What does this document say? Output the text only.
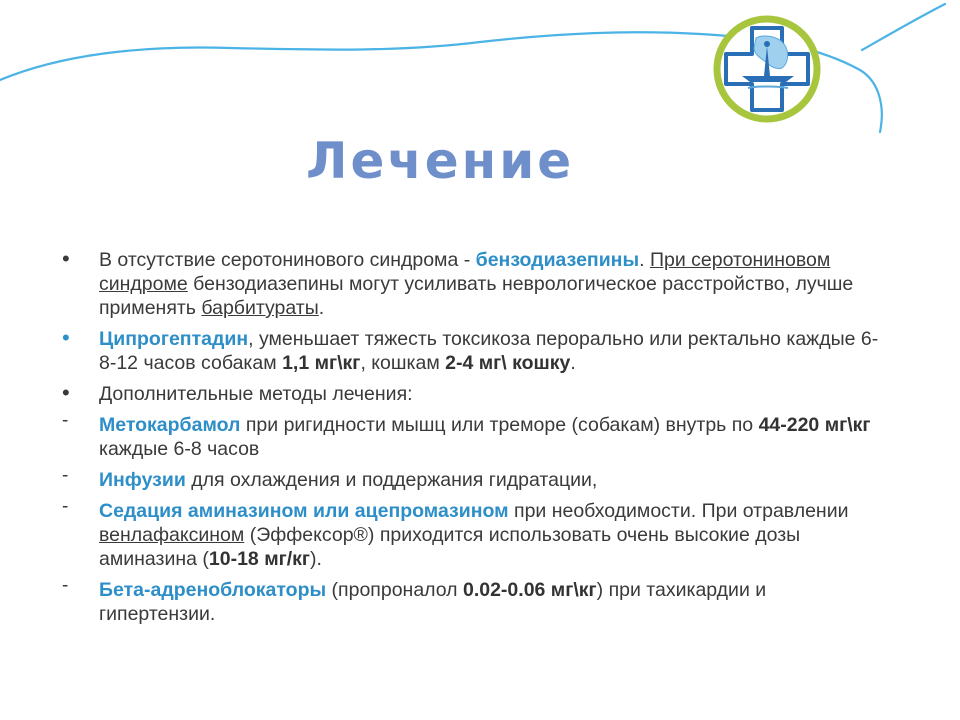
Лечение
•	В отсутствие серотонинового синдрома - бензодиазепины. При серотониновом синдроме бензодиазепины могут усиливать неврологическое расстройство, лучше применять барбитураты.
•	Ципрогептадин, уменьшает тяжесть токсикоза перорально или ректально каждые 6-8-12 часов собакам 1,1 мг\кг, кошкам 2-4 мг\ кошку.
•	Дополнительные методы лечения:
-	Метокарбамол при ригидности мышц или треморе (собакам) внутрь по 44-220 мг\кг каждые 6-8 часов
-	Инфузии для охлаждения и поддержания гидратации,
-	Седация аминазином или ацепромазином при необходимости. При отравлении венлафаксином (Эффексор®) приходится использовать очень высокие дозы аминазина (10-18 мг/кг).
-	Бета-адреноблокаторы (пропроналол 0.02-0.06 мг\кг) при тахикардии и гипертензии.
